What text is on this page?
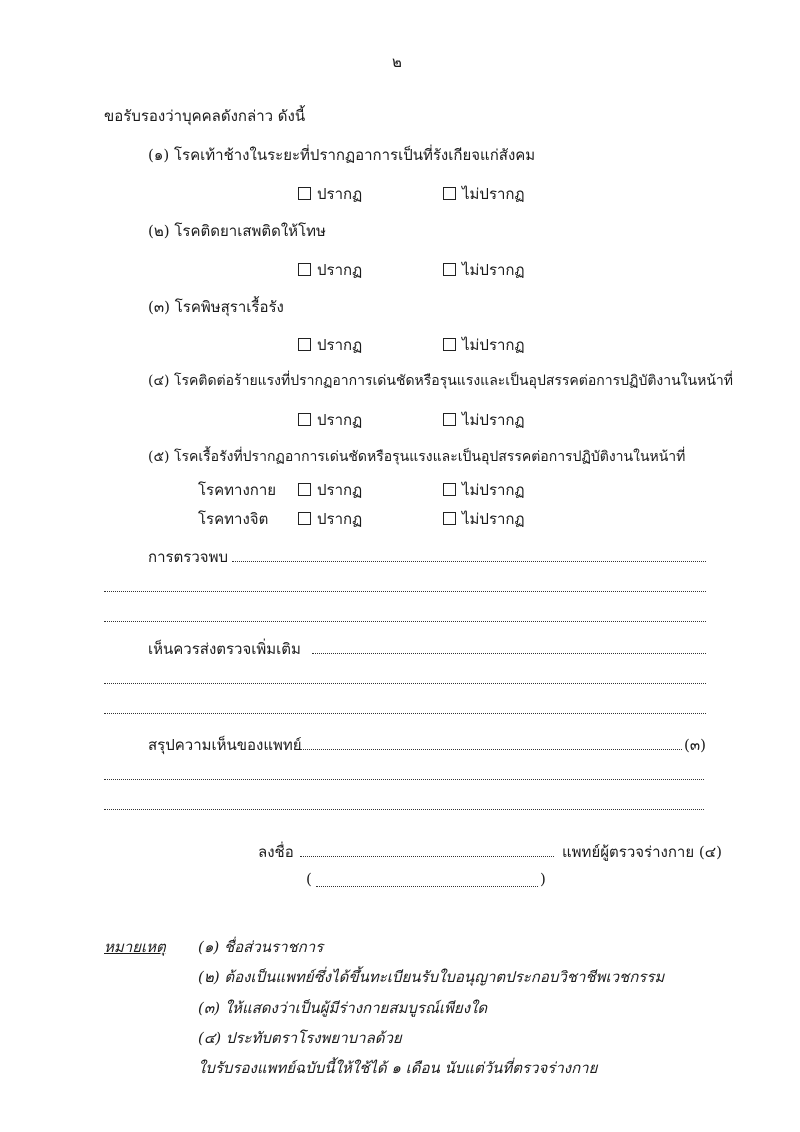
๒
ขอรับรองว่าบุคคลดังกล่าว ดังนี้
(๑) โรคเท้าช้างในระยะที่ปรากฏอาการเป็นที่รังเกียจแก่สังคม
ปรากฏ	ไม่ปรากฏ
(๒) โรคติดยาเสพติดให้โทษ
ปรากฏ	ไม่ปรากฏ
(๓) โรคพิษสุราเรื้อรัง
ปรากฏ	ไม่ปรากฏ
(๔) โรคติดต่อร้ายแรงที่ปรากฏอาการเด่นชัดหรือรุนแรงและเป็นอุปสรรคต่อการปฏิบัติงานในหน้าที่
ปรากฏ	ไม่ปรากฏ
(๕) โรคเรื้อรังที่ปรากฏอาการเด่นชัดหรือรุนแรงและเป็นอุปสรรคต่อการปฏิบัติงานในหน้าที่
โรคทางกาย	ปรากฏ	ไม่ปรากฏ
โรคทางจิต	ปรากฏ	ไม่ปรากฏ
การตรวจพบ
เห็นควรส่งตรวจเพิ่มเติม
สรุปความเห็นของแพทย์	(๓)
ลงชื่อ	แพทย์ผู้ตรวจร่างกาย (๔)
(	)
หมายเหตุ (๑) ชื่อส่วนราชการ
(๒) ต้องเป็นแพทย์ซึ่งได้ขึ้นทะเบียนรับใบอนุญาตประกอบวิชาชีพเวชกรรม
(๓) ให้แสดงว่าเป็นผู้มีร่างกายสมบูรณ์เพียงใด
(๔) ประทับตราโรงพยาบาลด้วย
ใบรับรองแพทย์ฉบับนี้ให้ใช้ได้ ๑ เดือน นับแต่วันที่ตรวจร่างกาย
